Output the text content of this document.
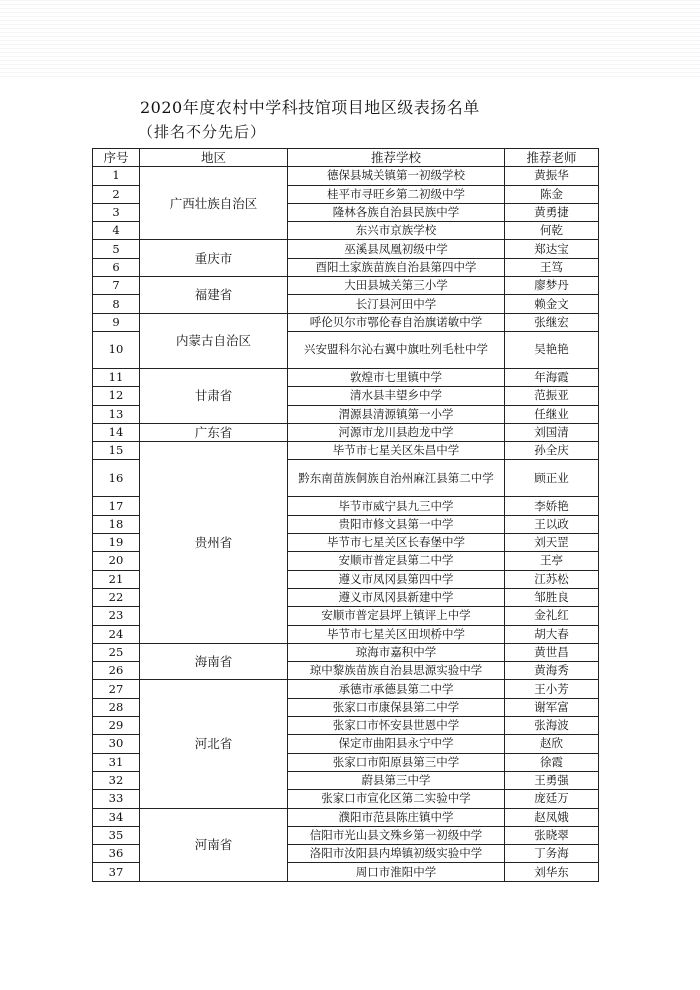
2020年度农村中学科技馆项目地区级表扬名单
（排名不分先后）
序号	地区	推荐学校	推荐老师
1	广西壮族自治区	德保县城关镇第一初级学校	黄振华
2		桂平市寻旺乡第二初级中学	陈金
3		隆林各族自治县民族中学	黄勇捷
4		东兴市京族学校	何乾
5	重庆市	巫溪县凤凰初级中学	郑达宝
6		酉阳土家族苗族自治县第四中学	王笃
7	福建省	大田县城关第三小学	廖梦丹
8		长汀县河田中学	赖金文
9	内蒙古自治区	呼伦贝尔市鄂伦春自治旗诺敏中学	张继宏
10		兴安盟科尔沁右翼中旗吐列毛杜中学	吴艳艳
11	甘肃省	敦煌市七里镇中学	年海霞
12		清水县丰望乡中学	范振亚
13		渭源县清源镇第一小学	任继业
14	广东省	河源市龙川县赹龙中学	刘国清
15	贵州省	毕节市七星关区朱昌中学	孙全庆
16		黔东南苗族侗族自治州麻江县第二中学	顾正业
17		毕节市威宁县九三中学	李娇艳
18		贵阳市修文县第一中学	王以政
19		毕节市七星关区长春堡中学	刘天罡
20		安顺市普定县第二中学	王亭
21		遵义市凤冈县第四中学	江苏松
22		遵义市凤冈县新建中学	邹胜良
23		安顺市普定县坪上镇评上中学	金礼红
24		毕节市七星关区田坝桥中学	胡大春
25	海南省	琼海市嘉积中学	黄世昌
26		琼中黎族苗族自治县思源实验中学	黄海秀
27	河北省	承德市承德县第二中学	王小芳
28		张家口市康保县第二中学	谢军富
29		张家口市怀安县世恩中学	张海波
30		保定市曲阳县永宁中学	赵欣
31		张家口市阳原县第三中学	徐霞
32		蔚县第三中学	王勇强
33		张家口市宣化区第二实验中学	庞廷万
34	河南省	濮阳市范县陈庄镇中学	赵凤娥
35		信阳市光山县文殊乡第一初级中学	张晓翠
36		洛阳市汝阳县内埠镇初级实验中学	丁务海
37		周口市淮阳中学	刘华东
